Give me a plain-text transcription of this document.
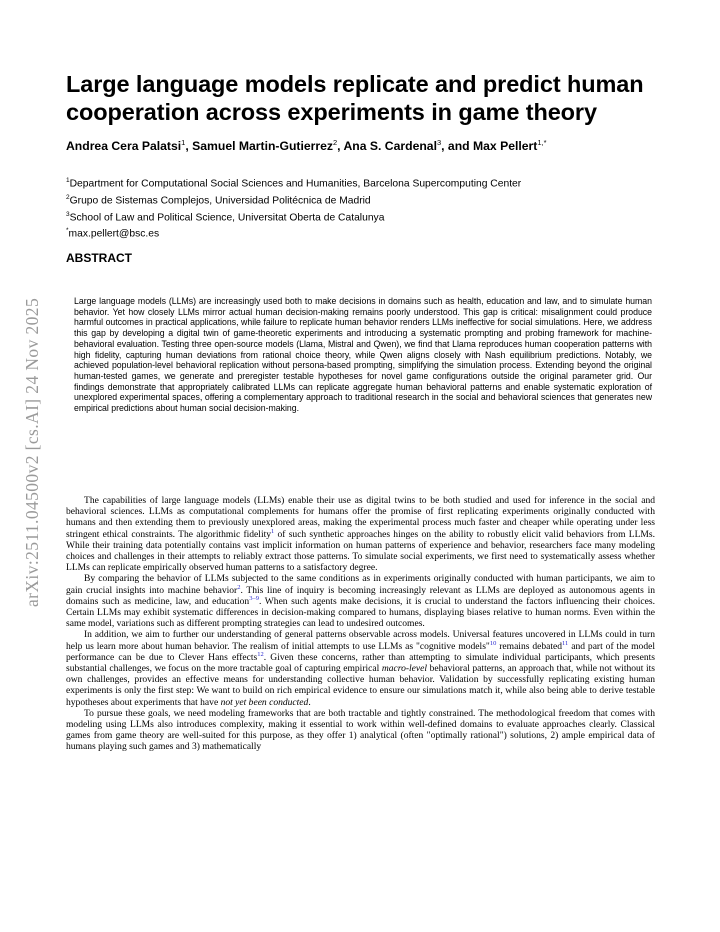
arXiv:2511.04500v2 [cs.AI] 24 Nov 2025
Large language models replicate and predict human cooperation across experiments in game theory
Andrea Cera Palatsi$^1$, Samuel Martin-Gutierrez$^2$, Ana S. Cardenal$^3$, and Max Pellert$^{1,*}$
$^1$Department for Computational Social Sciences and Humanities, Barcelona Supercomputing Center
$^2$Grupo de Sistemas Complejos, Universidad Politécnica de Madrid
$^3$School of Law and Political Science, Universitat Oberta de Catalunya
*max.pellert@bsc.es
ABSTRACT

Large language models (LLMs) are increasingly used both to make decisions in domains such as health, education and law, and to simulate human behavior. Yet how closely LLMs mirror actual human decision-making remains poorly understood. This gap is critical: misalignment could produce harmful outcomes in practical applications, while failure to replicate human behavior renders LLMs ineffective for social simulations. Here, we address this gap by developing a digital twin of game-theoretic experiments and introducing a systematic prompting and probing framework for machine-behavioral evaluation. Testing three open-source models (Llama, Mistral and Qwen), we find that Llama reproduces human cooperation patterns with high fidelity, capturing human deviations from rational choice theory, while Qwen aligns closely with Nash equilibrium predictions. Notably, we achieved population-level behavioral replication without persona-based prompting, simplifying the simulation process. Extending beyond the original human-tested games, we generate and preregister testable hypotheses for novel game configurations outside the original parameter grid. Our findings demonstrate that appropriately calibrated LLMs can replicate aggregate human behavioral patterns and enable systematic exploration of unexplored experimental spaces, offering a complementary approach to traditional research in the social and behavioral sciences that generates new empirical predictions about human social decision-making.

The capabilities of large language models (LLMs) enable their use as digital twins to be both studied and used for inference in the social and behavioral sciences. LLMs as computational complements for humans offer the promise of first replicating experiments originally conducted with humans and then extending them to previously unexplored areas, making the experimental process much faster and cheaper while operating under less stringent ethical constraints. The algorithmic fidelity$^1$ of such synthetic approaches hinges on the ability to robustly elicit valid behaviors from LLMs. While their training data potentially contains vast implicit information on human patterns of experience and behavior, researchers face many modeling choices and challenges in their attempts to reliably extract those patterns. To simulate social experiments, we first need to systematically assess whether LLMs can replicate empirically observed human patterns to a satisfactory degree.

By comparing the behavior of LLMs subjected to the same conditions as in experiments originally conducted with human participants, we aim to gain crucial insights into machine behavior$^2$. This line of inquiry is becoming increasingly relevant as LLMs are deployed as autonomous agents in domains such as medicine, law, and education$^{3-9}$. When such agents make decisions, it is crucial to understand the factors influencing their choices. Certain LLMs may exhibit systematic differences in decision-making compared to humans, displaying biases relative to human norms. Even within the same model, variations such as different prompting strategies can lead to undesired outcomes.

In addition, we aim to further our understanding of general patterns observable across models. Universal features uncovered in LLMs could in turn help us learn more about human behavior. The realism of initial attempts to use LLMs as "cognitive models"$^{10}$ remains debated$^{11}$ and part of the model performance can be due to Clever Hans effects$^{12}$. Given these concerns, rather than attempting to simulate individual participants, which presents substantial challenges, we focus on the more tractable goal of capturing empirical macro-level behavioral patterns, an approach that, while not without its own challenges, provides an effective means for understanding collective human behavior. Validation by successfully replicating existing human experiments is only the first step: We want to build on rich empirical evidence to ensure our simulations match it, while also being able to derive testable hypotheses about experiments that have not yet been conducted.

To pursue these goals, we need modeling frameworks that are both tractable and tightly constrained. The methodological freedom that comes with modeling using LLMs also introduces complexity, making it essential to work within well-defined domains to evaluate approaches clearly. Classical games from game theory are well-suited for this purpose, as they offer 1) analytical (often "optimally rational") solutions, 2) ample empirical data of humans playing such games and 3) mathematically
